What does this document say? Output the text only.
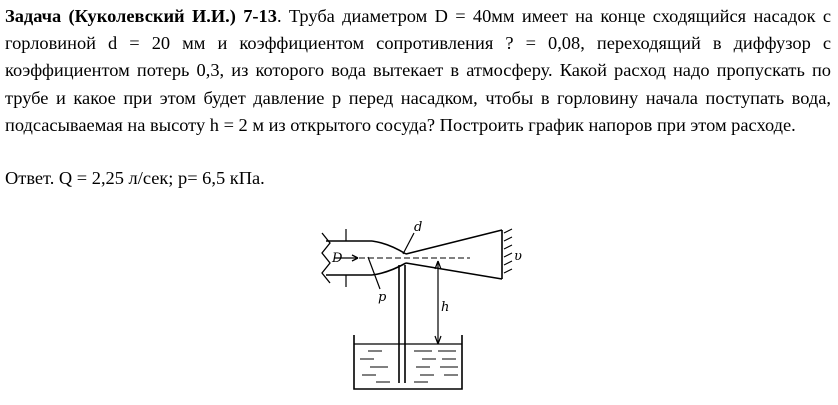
Задача (Куколевский И.И.) 7-13. Труба диаметром D = 40мм имеет на конце сходящийся насадок с горловиной d = 20 мм и коэффициентом сопротивления ? = 0,08, переходящий в диффузор с коэффициентом потерь 0,3, из которого вода вытекает в атмосферу. Какой расход надо пропускать по трубе и какое при этом будет давление р перед насадком, чтобы в горловину начала поступать вода, подсасываемая на высоту h = 2 м из открытого сосуда? Построить график напоров при этом расходе.
Ответ. Q = 2,25 л/сек; р= 6,5 кПа.
D
d
p
h
υ
